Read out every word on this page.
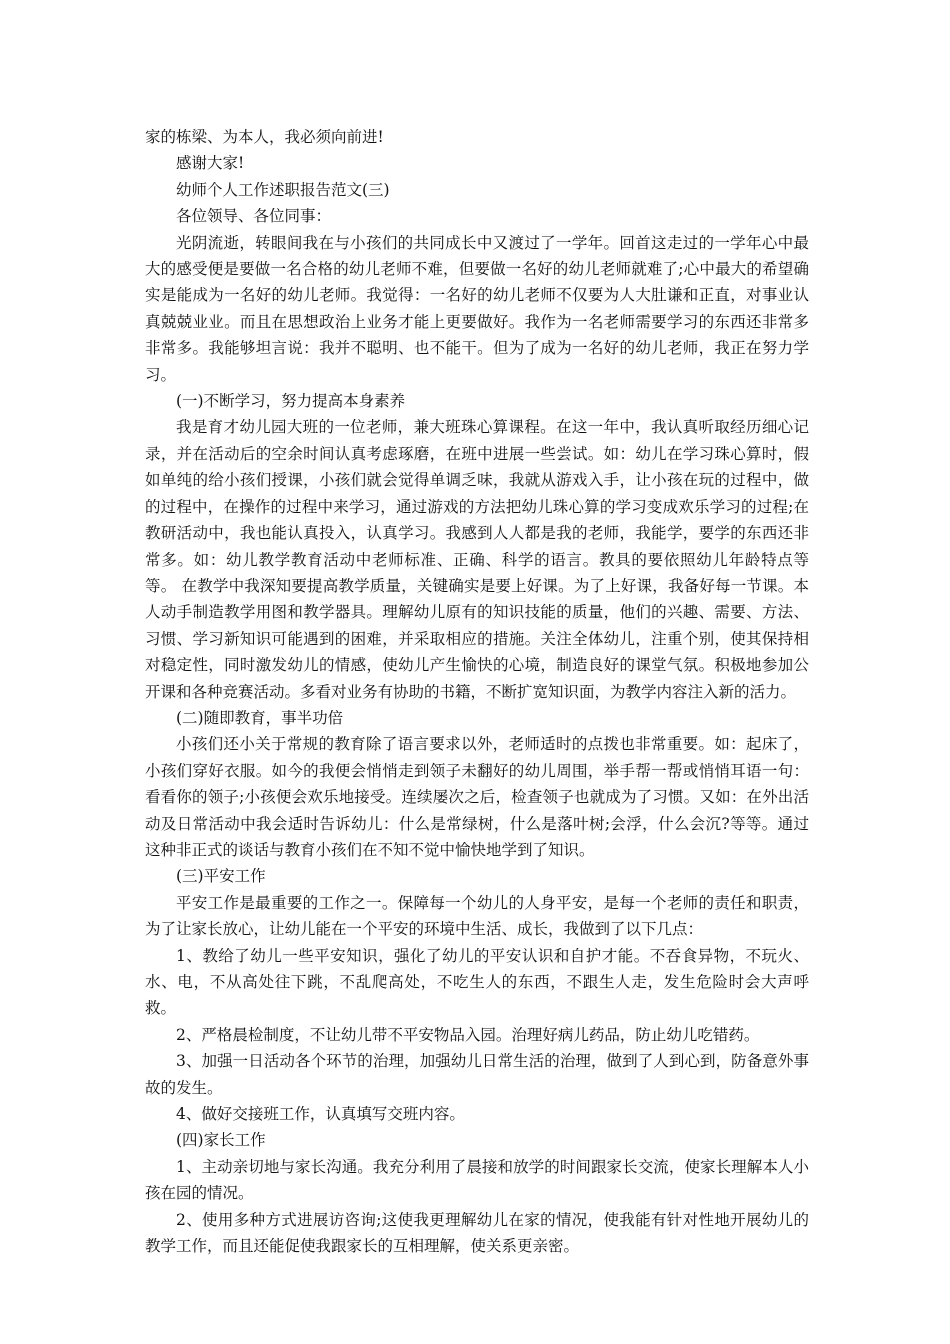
家的栋梁、为本人，我必须向前进!

感谢大家!

幼师个人工作述职报告范文(三)

各位领导、各位同事：

光阴流逝，转眼间我在与小孩们的共同成长中又渡过了一学年。回首这走过的一学年心中最大的感受便是要做一名合格的幼儿老师不难，但要做一名好的幼儿老师就难了;心中最大的希望确实是能成为一名好的幼儿老师。我觉得：一名好的幼儿老师不仅要为人大肚谦和正直，对事业认真兢兢业业。而且在思想政治上业务才能上更要做好。我作为一名老师需要学习的东西还非常多非常多。我能够坦言说：我并不聪明、也不能干。但为了成为一名好的幼儿老师，我正在努力学习。

(一)不断学习，努力提高本身素养

我是育才幼儿园大班的一位老师，兼大班珠心算课程。在这一年中，我认真听取经历细心记录，并在活动后的空余时间认真考虑琢磨，在班中进展一些尝试。如：幼儿在学习珠心算时，假如单纯的给小孩们授课，小孩们就会觉得单调乏味，我就从游戏入手，让小孩在玩的过程中，做的过程中，在操作的过程中来学习，通过游戏的方法把幼儿珠心算的学习变成欢乐学习的过程;在教研活动中，我也能认真投入，认真学习。我感到人人都是我的老师，我能学，要学的东西还非常多。如：幼儿教学教育活动中老师标准、正确、科学的语言。教具的要依照幼儿年龄特点等等。 在教学中我深知要提高教学质量，关键确实是要上好课。为了上好课，我备好每一节课。本人动手制造教学用图和教学器具。理解幼儿原有的知识技能的质量，他们的兴趣、需要、方法、习惯、学习新知识可能遇到的困难，并采取相应的措施。关注全体幼儿，注重个别，使其保持相对稳定性，同时激发幼儿的情感，使幼儿产生愉快的心境，制造良好的课堂气氛。积极地参加公开课和各种竞赛活动。多看对业务有协助的书籍，不断扩宽知识面，为教学内容注入新的活力。

(二)随即教育，事半功倍

小孩们还小关于常规的教育除了语言要求以外，老师适时的点拨也非常重要。如：起床了，小孩们穿好衣服。如今的我便会悄悄走到领子未翻好的幼儿周围，举手帮一帮或悄悄耳语一句：看看你的领子;小孩便会欢乐地接受。连续屡次之后，检查领子也就成为了习惯。又如：在外出活动及日常活动中我会适时告诉幼儿：什么是常绿树，什么是落叶树;会浮，什么会沉?等等。通过这种非正式的谈话与教育小孩们在不知不觉中愉快地学到了知识。

(三)平安工作

平安工作是最重要的工作之一。保障每一个幼儿的人身平安，是每一个老师的责任和职责，为了让家长放心，让幼儿能在一个平安的环境中生活、成长，我做到了以下几点：

1、教给了幼儿一些平安知识，强化了幼儿的平安认识和自护才能。不吞食异物，不玩火、水、电，不从高处往下跳，不乱爬高处，不吃生人的东西，不跟生人走，发生危险时会大声呼救。

2、严格晨检制度，不让幼儿带不平安物品入园。治理好病儿药品，防止幼儿吃错药。

3、加强一日活动各个环节的治理，加强幼儿日常生活的治理，做到了人到心到，防备意外事故的发生。

4、做好交接班工作，认真填写交班内容。

(四)家长工作

1、主动亲切地与家长沟通。我充分利用了晨接和放学的时间跟家长交流，使家长理解本人小孩在园的情况。

2、使用多种方式进展访咨询;这使我更理解幼儿在家的情况，使我能有针对性地开展幼儿的教学工作，而且还能促使我跟家长的互相理解，使关系更亲密。
